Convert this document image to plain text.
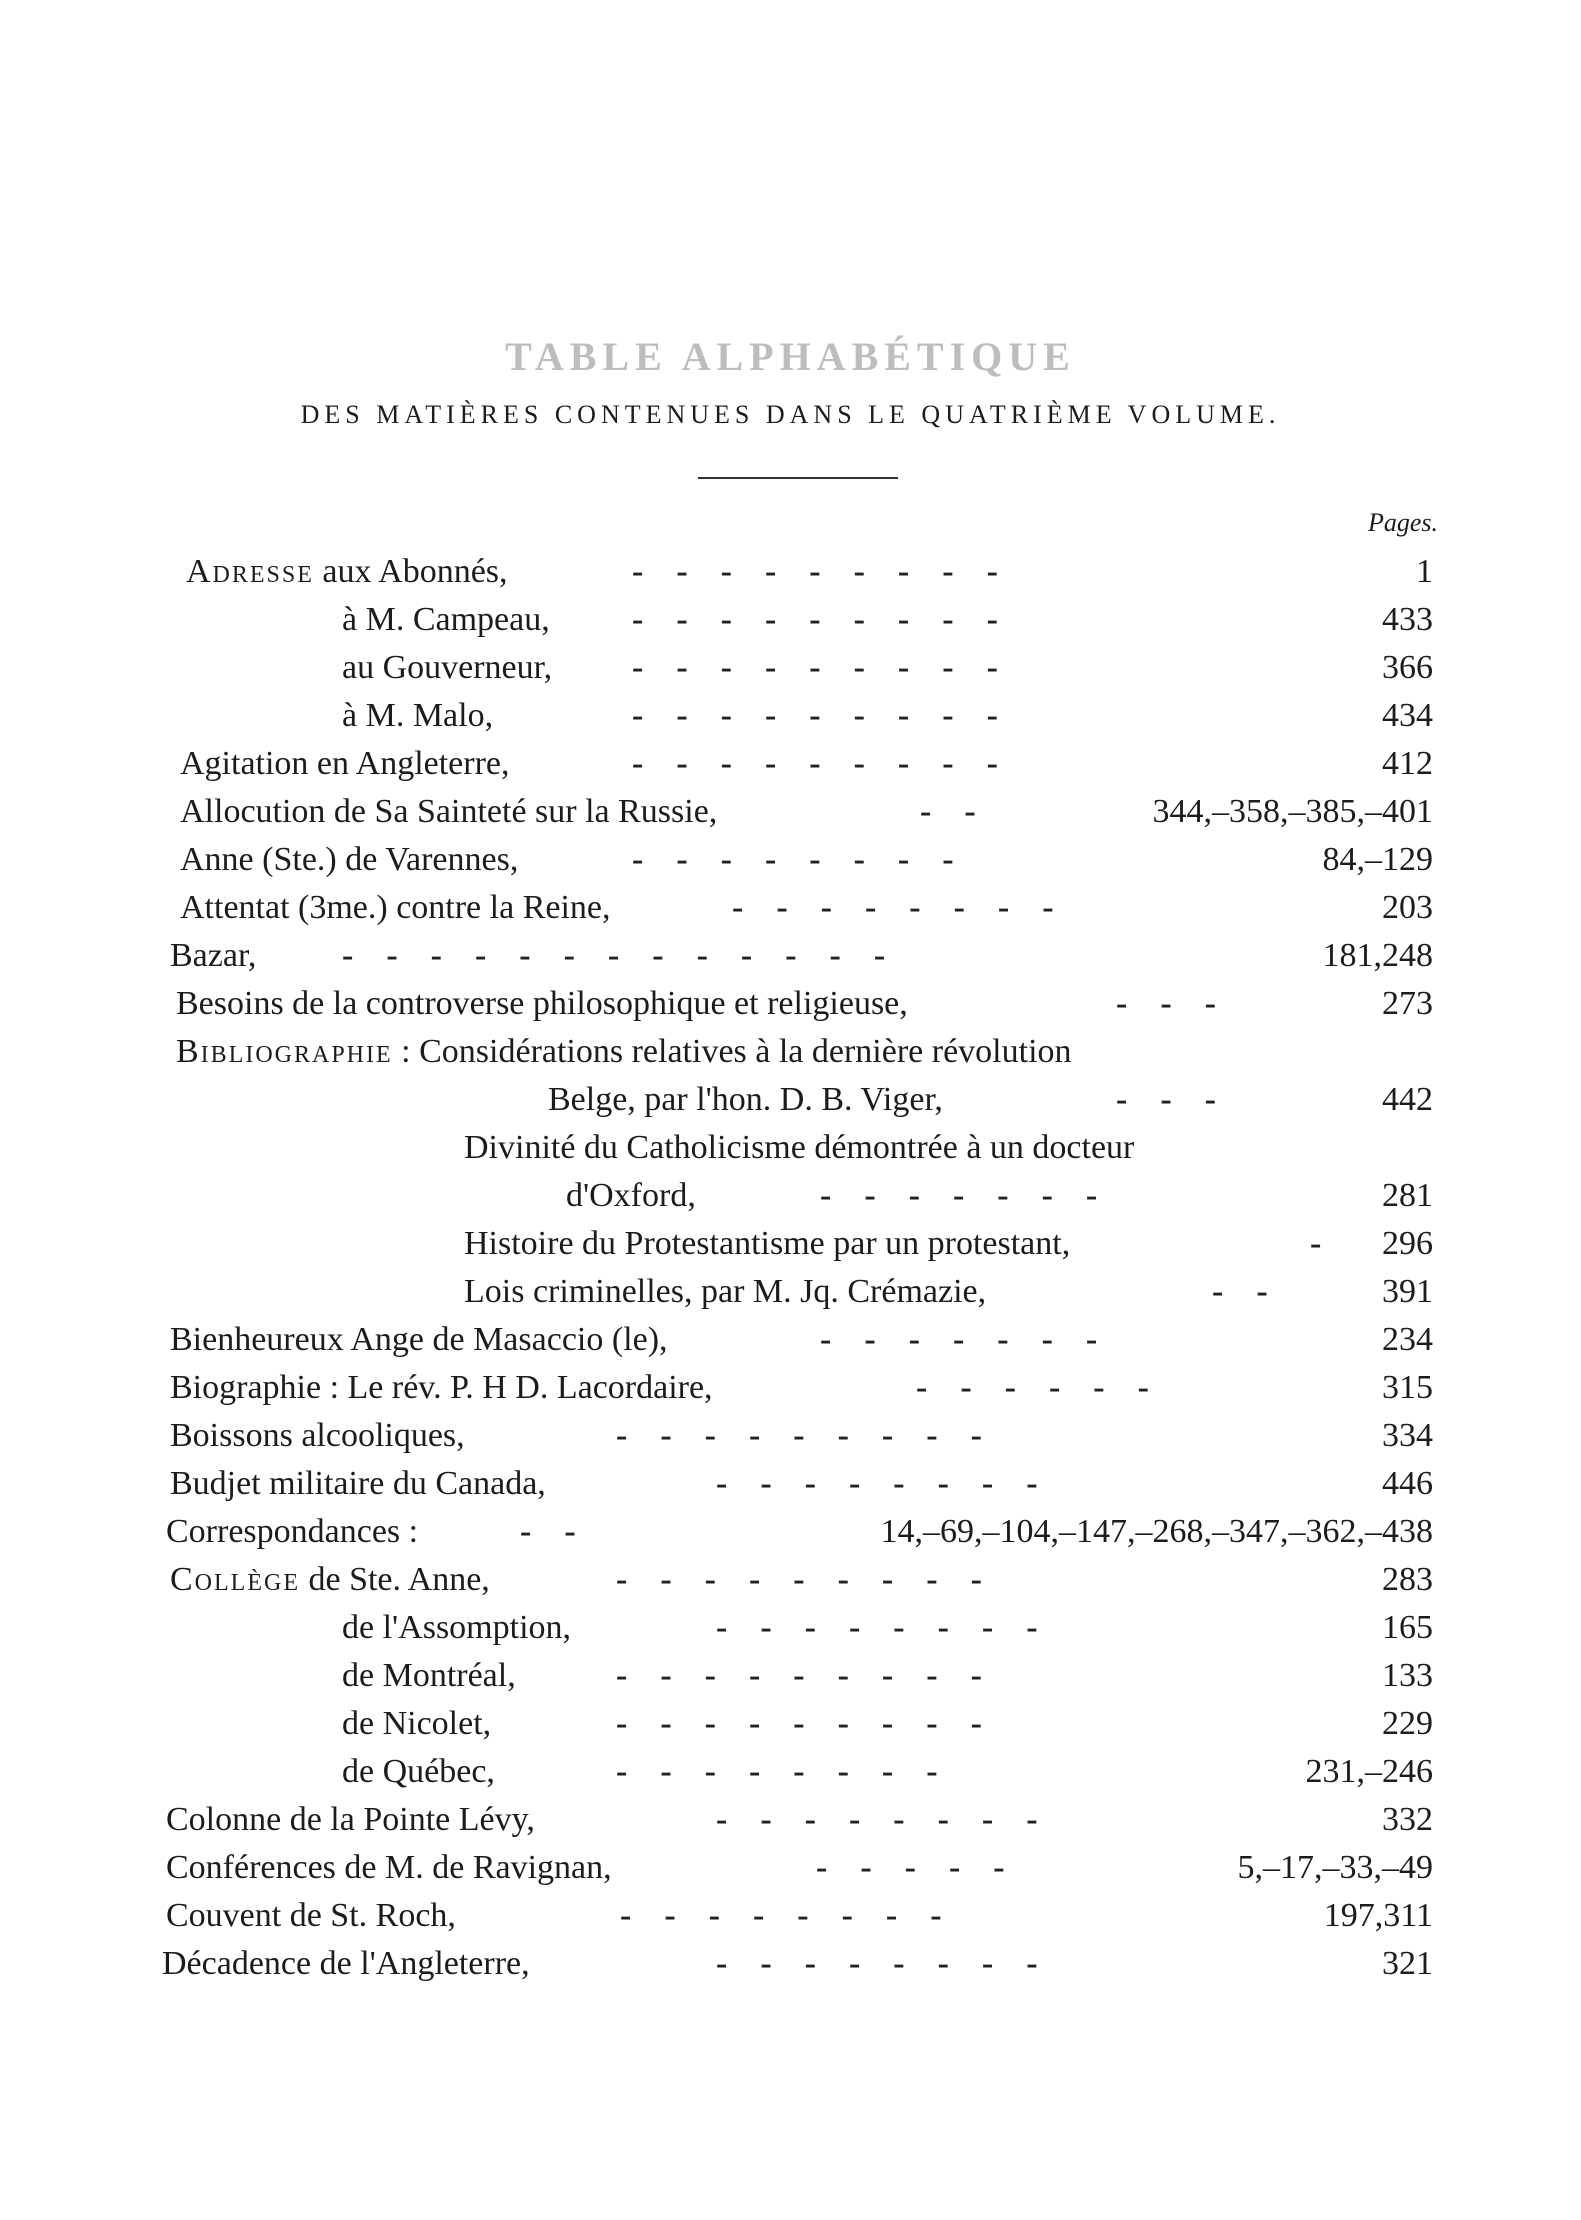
TABLE ALPHABÉTIQUE
DES MATIÈRES CONTENUES DANS LE QUATRIÈME VOLUME.
Pages.
Adresse aux Abonnés,	---------	1
à M. Campeau, ---------	433
au Gouverneur, ---------	366
à M. Malo,	---------	434
Agitation en Angleterre,	---------	412
Allocution de Sa Sainteté sur la Russie,	--	344,–358,–385,–401
Anne (Ste.) de Varennes,	--------	84,–129
Attentat (3me.) contre la Reine,	--------	203
Bazar,	-------------	181,248
Besoins de la controverse philosophique et religieuse,	---	273
Bibliographie : Considérations relatives à la dernière révolution
Belge, par l'hon. D. B. Viger,	---	442
Divinité du Catholicisme démontrée à un docteur
d'Oxford,	-------	281
Histoire du Protestantisme par un protestant,	- 296
Lois criminelles, par M. Jq. Crémazie,	-- 391
Bienheureux Ange de Masaccio (le),	-------	234
Biographie : Le rév. P. H D. Lacordaire,	------	315
Boissons alcooliques,	---------	334
Budjet militaire du Canada,	--------	446
Correspondances :	--	14,–69,–104,–147,–268,–347,–362,–438
Collège de Ste. Anne,	---------	283
de l'Assomption,	--------	165
de Montréal,	---------	133
de Nicolet,	---------	229
de Québec,	--------	231,–246
Colonne de la Pointe Lévy,	--------	332
Conférences de M. de Ravignan,	-----	5,–17,–33,–49
Couvent de St. Roch,	--------	197,311
Décadence de l'Angleterre,	--------	321
